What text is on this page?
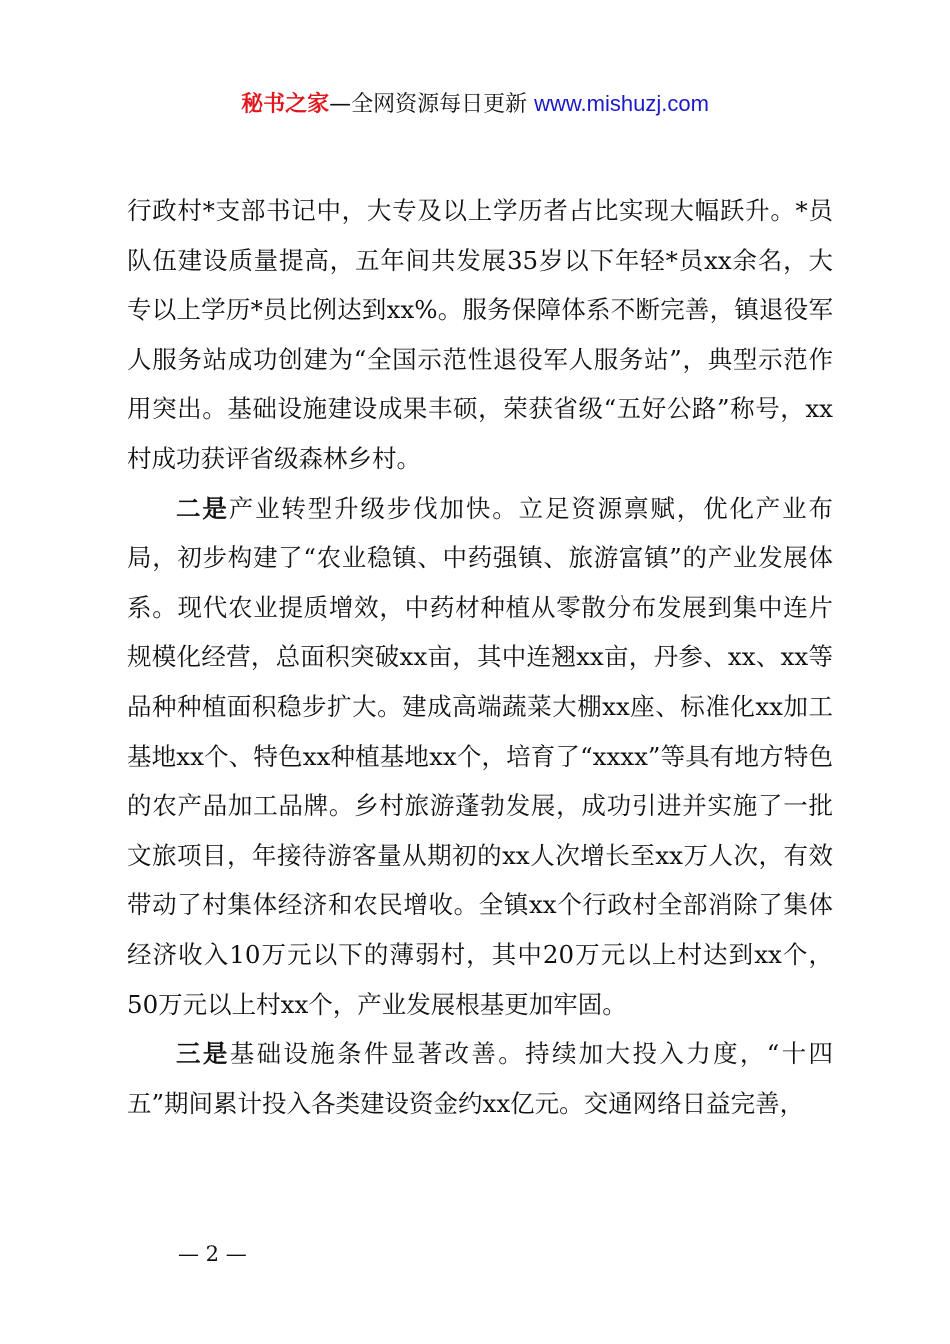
秘书之家—全网资源每日更新 www.mishuzj.com

行政村*支部书记中，大专及以上学历者占比实现大幅跃升。*员队伍建设质量提高，五年间共发展35岁以下年轻*员xx余名，大专以上学历*员比例达到xx%。服务保障体系不断完善，镇退役军人服务站成功创建为“全国示范性退役军人服务站”，典型示范作用突出。基础设施建设成果丰硕，荣获省级“五好公路”称号，xx村成功获评省级森林乡村。

二是产业转型升级步伐加快。立足资源禀赋，优化产业布局，初步构建了“农业稳镇、中药强镇、旅游富镇”的产业发展体系。现代农业提质增效，中药材种植从零散分布发展到集中连片规模化经营，总面积突破xx亩，其中连翘xx亩，丹参、xx、xx等品种种植面积稳步扩大。建成高端蔬菜大棚xx座、标准化xx加工基地xx个、特色xx种植基地xx个，培育了“xxxx”等具有地方特色的农产品加工品牌。乡村旅游蓬勃发展，成功引进并实施了一批文旅项目，年接待游客量从期初的xx人次增长至xx万人次，有效带动了村集体经济和农民增收。全镇xx个行政村全部消除了集体经济收入10万元以下的薄弱村，其中20万元以上村达到xx个，50万元以上村xx个，产业发展根基更加牢固。

三是基础设施条件显著改善。持续加大投入力度，“十四五”期间累计投入各类建设资金约xx亿元。交通网络日益完善，

— 2 —
